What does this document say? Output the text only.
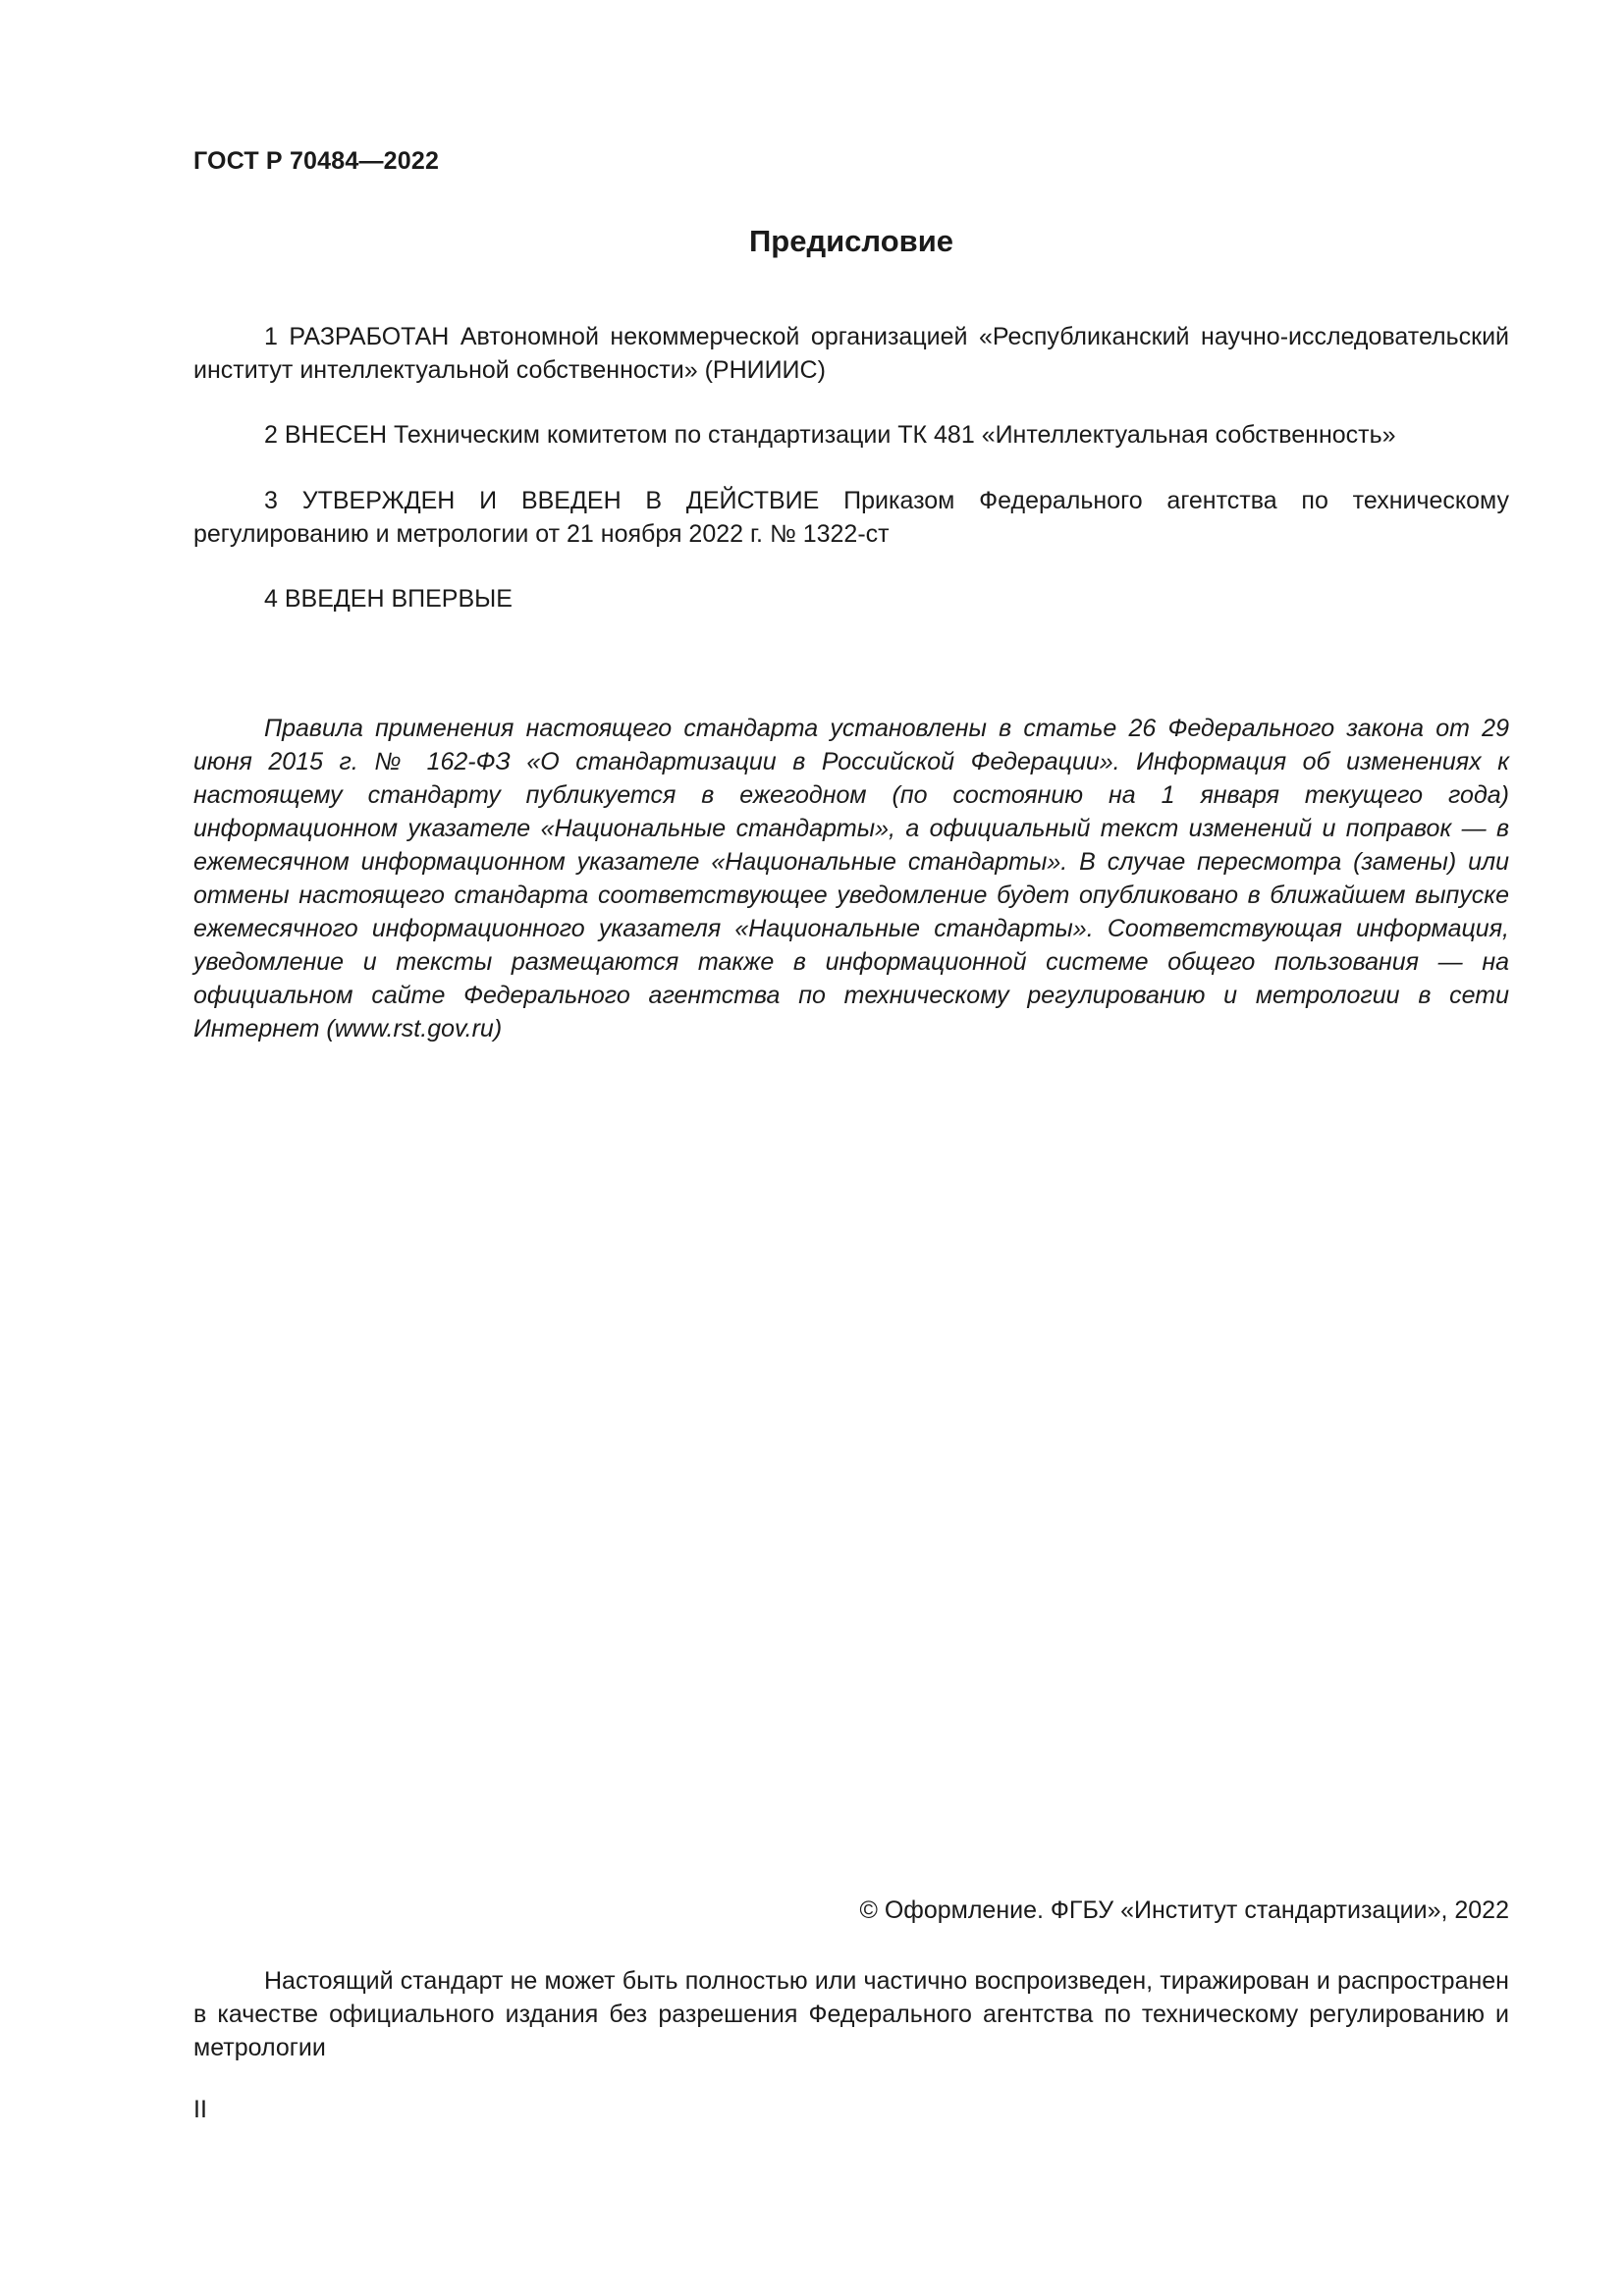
ГОСТ Р 70484—2022
Предисловие

1 РАЗРАБОТАН Автономной некоммерческой организацией «Республиканский научно-исследовательский институт интеллектуальной собственности» (РНИИИС)

2 ВНЕСЕН Техническим комитетом по стандартизации ТК 481 «Интеллектуальная собственность»

3 УТВЕРЖДЕН И ВВЕДЕН В ДЕЙСТВИЕ Приказом Федерального агентства по техническому регулированию и метрологии от 21 ноября 2022 г. № 1322-ст

4 ВВЕДЕН ВПЕРВЫЕ

Правила применения настоящего стандарта установлены в статье 26 Федерального закона от 29 июня 2015 г. № 162-ФЗ «О стандартизации в Российской Федерации». Информация об изменениях к настоящему стандарту публикуется в ежегодном (по состоянию на 1 января текущего года) информационном указателе «Национальные стандарты», а официальный текст изменений и поправок — в ежемесячном информационном указателе «Национальные стандарты». В случае пересмотра (замены) или отмены настоящего стандарта соответствующее уведомление будет опубликовано в ближайшем выпуске ежемесячного информационного указателя «Национальные стандарты». Соответствующая информация, уведомление и тексты размещаются также в информационной системе общего пользования — на официальном сайте Федерального агентства по техническому регулированию и метрологии в сети Интернет (www.rst.gov.ru)

© Оформление. ФГБУ «Институт стандартизации», 2022

Настоящий стандарт не может быть полностью или частично воспроизведен, тиражирован и распространен в качестве официального издания без разрешения Федерального агентства по техническому регулированию и метрологии

II
